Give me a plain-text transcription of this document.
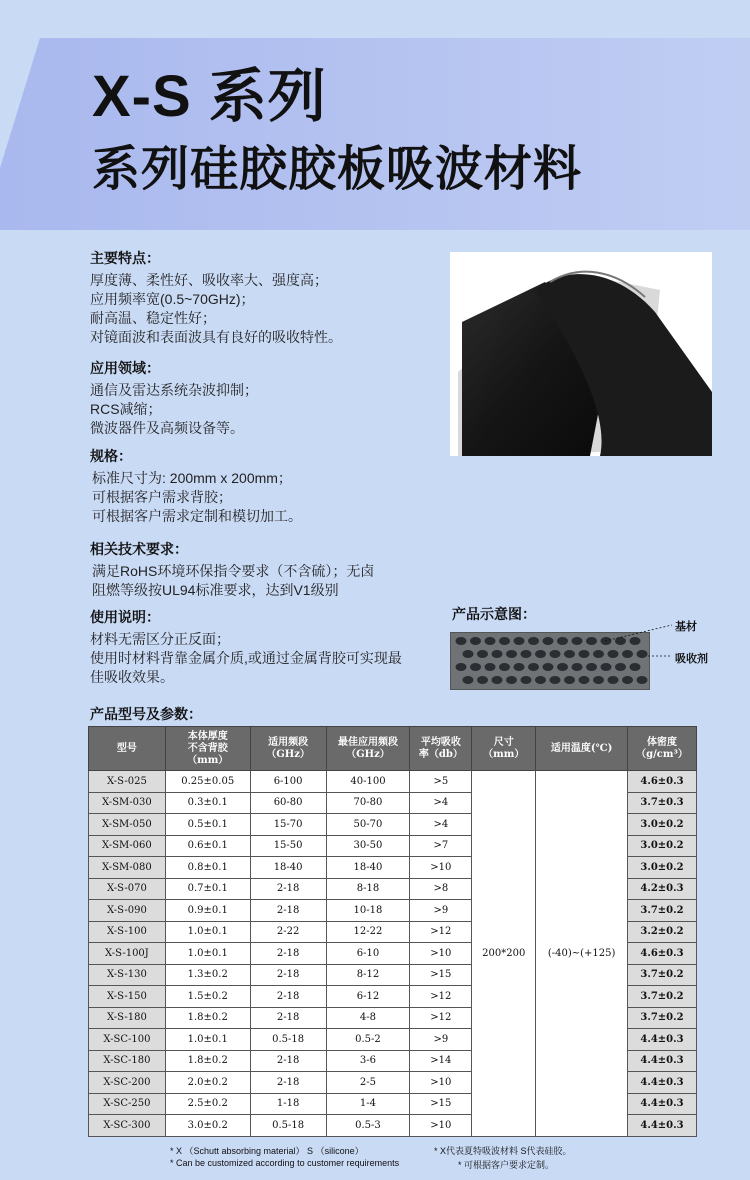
X-S 系列
系列硅胶胶板吸波材料
主要特点：
厚度薄、柔性好、吸收率大、强度高；
应用频率宽(0.5~70GHz)；
耐高温、稳定性好；
对镜面波和表面波具有良好的吸收特性。
应用领域：
通信及雷达系统杂波抑制；
RCS减缩；
微波器件及高频设备等。
规格：
标准尺寸为: 200mm x 200mm；
可根据客户需求背胶；
可根据客户需求定制和模切加工。
相关技术要求：
满足RoHS环境环保指令要求（不含硫）；无卤
阻燃等级按UL94标准要求，达到V1级别
使用说明：
材料无需区分正反面；
使用时材料背靠金属介质,或通过金属背胶可实现最
佳吸收效果。
产品示意图：
基材
吸收剂
产品型号及参数：
型号	本体厚度
不含背胶
（mm）	适用频段
（GHz）	最佳应用频段
（GHz）	平均吸收
率（db）	尺寸
（mm）	适用温度(℃)	体密度
（g/cm³）
X-S-025	0.25±0.05	6-100	40-100	>5	200*200	(-40)~(+125)	4.6±0.3
X-SM-030	0.3±0.1	60-80	70-80	>4			3.7±0.3
X-SM-050	0.5±0.1	15-70	50-70	>4			3.0±0.2
X-SM-060	0.6±0.1	15-50	30-50	>7			3.0±0.2
X-SM-080	0.8±0.1	18-40	18-40	>10			3.0±0.2
X-S-070	0.7±0.1	2-18	8-18	>8			4.2±0.3
X-S-090	0.9±0.1	2-18	10-18	>9			3.7±0.2
X-S-100	1.0±0.1	2-22	12-22	>12			3.2±0.2
X-S-100J	1.0±0.1	2-18	6-10	>10			4.6±0.3
X-S-130	1.3±0.2	2-18	8-12	>15			3.7±0.2
X-S-150	1.5±0.2	2-18	6-12	>12			3.7±0.2
X-S-180	1.8±0.2	2-18	4-8	>12			3.7±0.2
X-SC-100	1.0±0.1	0.5-18	0.5-2	>9			4.4±0.3
X-SC-180	1.8±0.2	2-18	3-6	>14			4.4±0.3
X-SC-200	2.0±0.2	2-18	2-5	>10			4.4±0.3
X-SC-250	2.5±0.2	1-18	1-4	>15			4.4±0.3
X-SC-300	3.0±0.2	0.5-18	0.5-3	>10			4.4±0.3
* X （Schutt absorbing material） S （silicone）	* X代表夏特吸波材料 S代表硅胶。
* Can be customized according to customer requirements	* 可根据客户要求定制。
